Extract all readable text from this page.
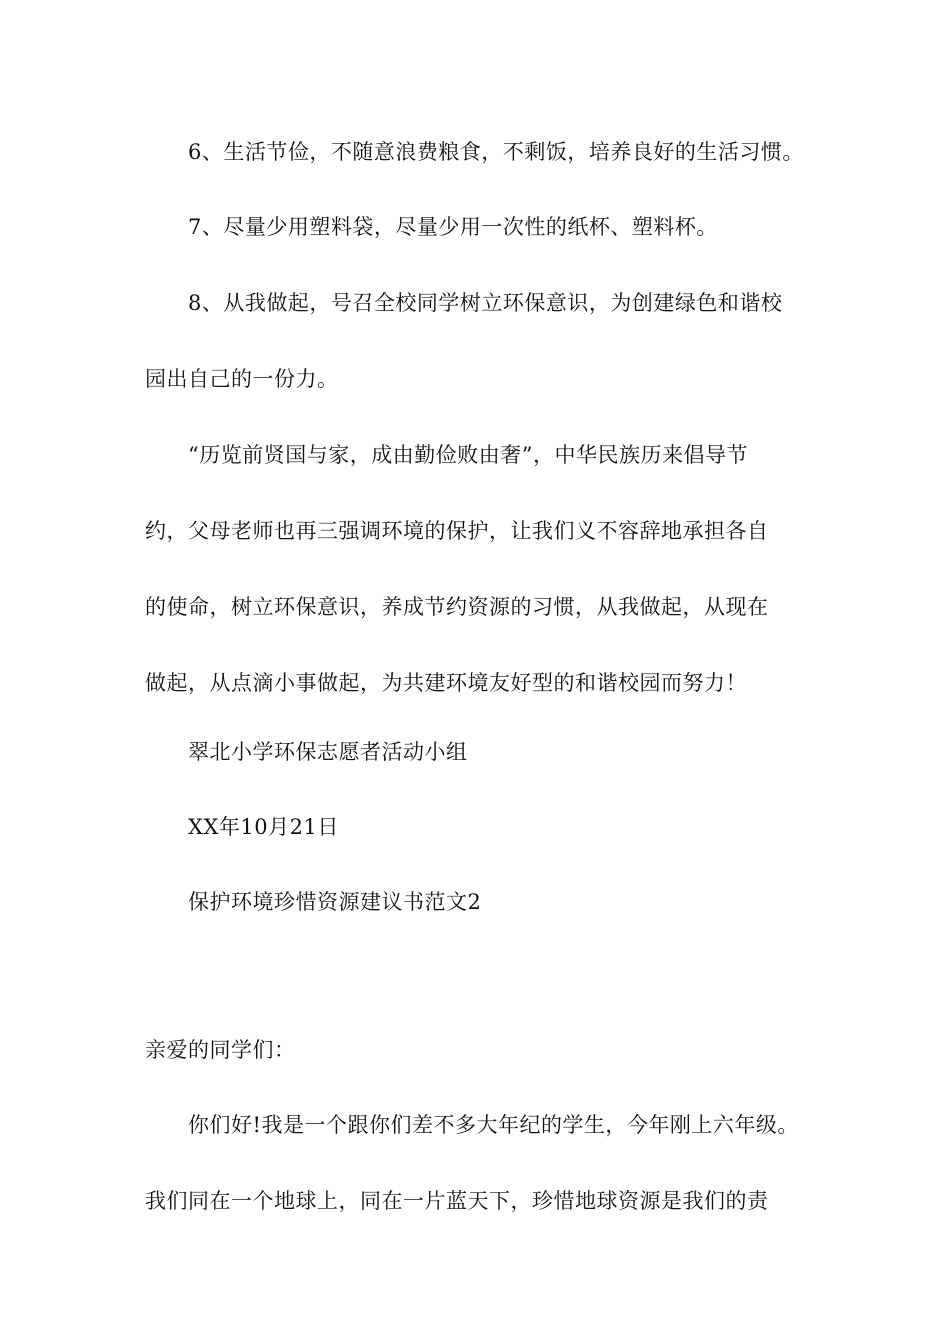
6、生活节俭，不随意浪费粮食，不剩饭，培养良好的生活习惯。
7、尽量少用塑料袋，尽量少用一次性的纸杯、塑料杯。
8、从我做起，号召全校同学树立环保意识，为创建绿色和谐校
园出自己的一份力。
“历览前贤国与家，成由勤俭败由奢”，中华民族历来倡导节
约，父母老师也再三强调环境的保护，让我们义不容辞地承担各自
的使命，树立环保意识，养成节约资源的习惯，从我做起，从现在
做起，从点滴小事做起，为共建环境友好型的和谐校园而努力！
翠北小学环保志愿者活动小组
XX年10月21日
保护环境珍惜资源建议书范文2
亲爱的同学们：
你们好!我是一个跟你们差不多大年纪的学生，今年刚上六年级。
我们同在一个地球上，同在一片蓝天下，珍惜地球资源是我们的责
